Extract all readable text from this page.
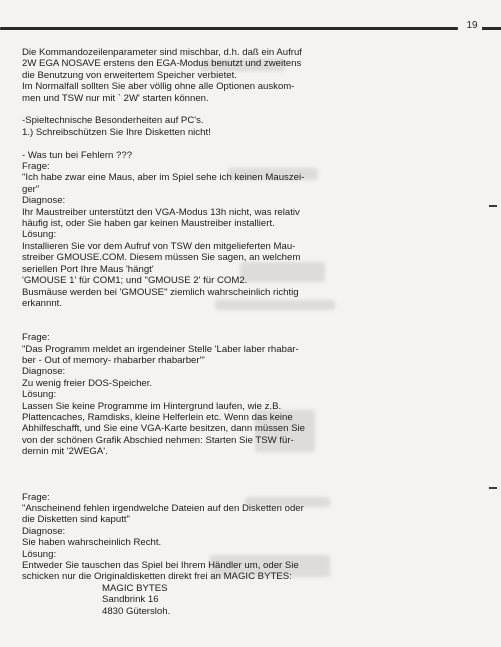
19

Die Kommandozeilenparameter sind mischbar, d.h. daß ein Aufruf

2W EGA NOSAVE erstens den EGA-Modus benutzt und zweitens

die Benutzung von erweitertem Speicher verbietet.

Im Normalfall sollten Sie aber völlig ohne alle Optionen auskom-

men und TSW nur mit ` 2W' starten können.

-Spieltechnische Besonderheiten auf PC's.

1.) Schreibschützen Sie Ihre Disketten nicht!

- Was tun bei Fehlern ???

Frage:

"Ich habe zwar eine Maus, aber im Spiel sehe ich keinen Mauszei-

ger"

Diagnose:

Ihr Maustreiber unterstützt den VGA-Modus 13h nicht, was relativ

häufig ist, oder Sie haben gar keinen Maustreiber installiert.

Lösung:

Installieren Sie vor dem Aufruf von TSW den mitgelieferten Mau-

streiber GMOUSE.COM. Diesem müssen Sie sagen, an welchem

seriellen Port Ihre Maus 'hängt'

'GMOUSE 1' für COM1; und "GMOUSE 2' für COM2.

Busmäuse werden bei 'GMOUSE" ziemlich wahrscheinlich richtig

erkannnt.

Frage:

"Das Programm meldet an irgendeiner Stelle 'Laber laber rhabar-

ber - Out of memory- rhabarber rhabarber'"

Diagnose:

Zu wenig freier DOS-Speicher.

Lösung:

Lassen Sie keine Programme im Hintergrund laufen, wie z.B.

Plattencaches, Ramdisks, kleine Helferlein etc. Wenn das keine

Abhilfeschafft, und Sie eine VGA-Karte besitzen, dann müssen Sie

von der schönen Grafik Abschied nehmen: Starten Sie TSW für-

dernin mit '2WEGA'.

Frage:

"Anscheinend fehlen irgendwelche Dateien auf den Disketten oder

die Disketten sind kaputt"

Diagnose:

Sie haben wahrscheinlich Recht.

Lösung:

Entweder Sie tauschen das Spiel bei Ihrem Händler um, oder Sie

schicken nur die Originaldisketten direkt frei an MAGIC BYTES:

MAGIC BYTES

Sandbrink 16

4830 Gütersloh.
